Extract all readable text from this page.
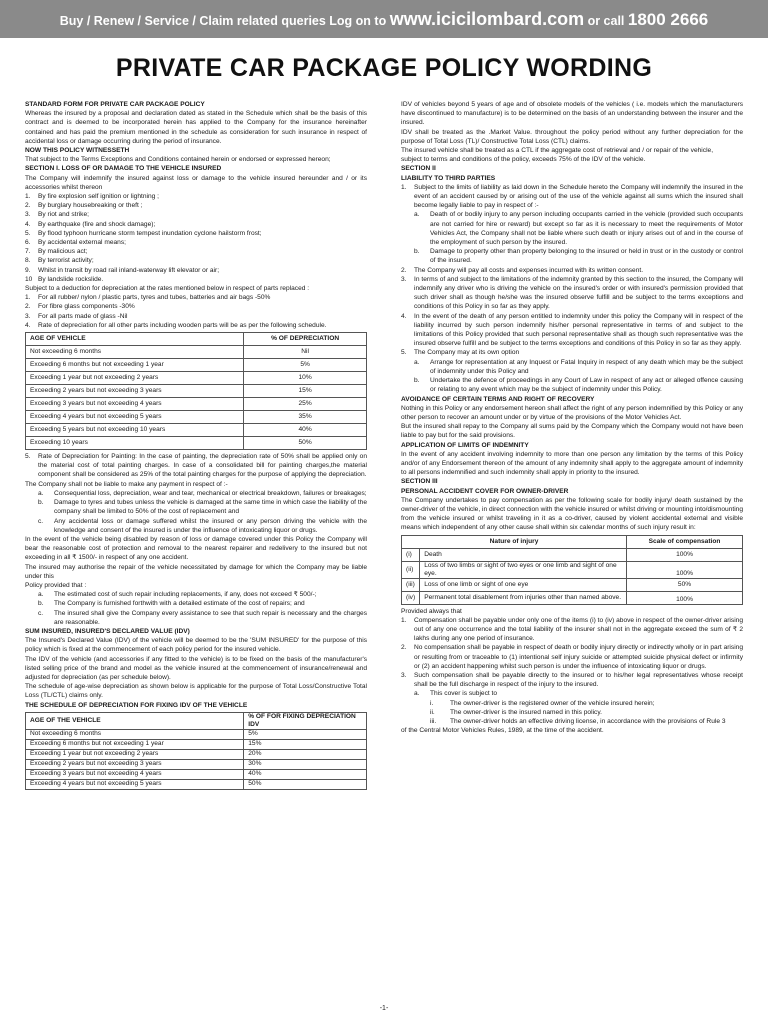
Buy / Renew / Service / Claim related queries Log on to www.icicilombard.com or call 1800 2666
PRIVATE CAR PACKAGE POLICY WORDING

STANDARD FORM FOR PRIVATE CAR PACKAGE POLICY

Whereas the insured by a proposal and declaration dated as stated in the Schedule which shall be the basis of this contract and is deemed to be incorporated herein has applied to the Company for the insurance hereinafter contained and has paid the premium mentioned in the schedule as consideration for such insurance in respect of accidental loss or damage occurring during the period of insurance.

NOW THIS POLICY WITNESSETH

That subject to the Terms Exceptions and Conditions contained herein or endorsed or expressed hereon;

SECTION I. LOSS OF OR DAMAGE TO THE VEHICLE INSURED

The Company will indemnify the insured against loss or damage to the vehicle insured hereunder and / or its accessories whilst thereon

1.	By fire explosion self ignition or lightning ;
2.	By burglary housebreaking or theft ;
3.	By riot and strike;
4.	By earthquake (fire and shock damage);
5.	By flood typhoon hurricane storm tempest inundation cyclone hailstorm frost;
6.	By accidental external means;
7.	By malicious act;
8.	By terrorist activity;
9.	Whilst in transit by road rail inland-waterway lift elevator or air;
10 By landslide rockslide.

Subject to a deduction for depreciation at the rates mentioned below in respect of parts replaced :

1.	For all rubber/ nylon / plastic parts, tyres and tubes, batteries and air bags -50%
2.	For fibre glass components -30%
3.	For all parts made of glass -Nil
4.	Rate of depreciation for all other parts including wooden parts will be as per the following schedule.
AGE OF VEHICLE	% OF DEPRECIATION
Not exceeding 6 months	Nil
Exceeding 6 months but not exceeding 1 year	5%
Exceeding 1 year but not exceeding 2 years	10%
Exceeding 2 years but not exceeding 3 years	15%
Exceeding 3 years but not exceeding 4 years	25%
Exceeding 4 years but not exceeding 5 years	35%
Exceeding 5 years but not exceeding 10 years	40%
Exceeding 10 years	50%
5.	Rate of Depreciation for Painting: In the case of painting, the depreciation rate of 50% shall be applied only on the material cost of total painting charges. In case of a consolidated bill for painting charges,the material component shall be considered as 25% of the total painting charges for the purpose of applying the depreciation.

The Company shall not be liable to make any payment in respect of :-

a.	Consequential loss, depreciation, wear and tear, mechanical or electrical breakdown, failures or breakages;
b.	Damage to tyres and tubes unless the vehicle is damaged at the same time in which case the liability of the company shall be limited to 50% of the cost of replacement and
c.	Any accidental loss or damage suffered whilst the insured or any person driving the vehicle with the knowledge and consent of the insured is under the influence of intoxicating liquor or drugs.

In the event of the vehicle being disabled by reason of loss or damage covered under this Policy the Company will bear the reasonable cost of protection and removal to the nearest repairer and redelivery to the insured but not exceeding in all ₹ 1500/- in respect of any one accident.

The insured may authorise the repair of the vehicle necessitated by damage for which the Company may be liable under this

Policy provided that :

a.	The estimated cost of such repair including replacements, if any, does not exceed ₹ 500/-;
b.	The Company is furnished forthwith with a detailed estimate of the cost of repairs; and
c.	The insured shall give the Company every assistance to see that such repair is necessary and the charges are reasonable.

SUM INSURED, INSURED'S DECLARED VALUE (IDV)

The Insured's Declared Value (IDV) of the vehicle will be deemed to be the 'SUM INSURED' for the purpose of this policy which is fixed at the commencement of each policy period for the insured vehicle.

The IDV of the vehicle (and accessories if any fitted to the vehicle) is to be fixed on the basis of the manufacturer's listed selling price of the brand and model as the vehicle insured at the commencement of insurance/renewal and adjusted for depreciation (as per schedule below).

The schedule of age-wise depreciation as shown below is applicable for the purpose of Total Loss/Constructive Total Loss (TL/CTL) claims only.

THE SCHEDULE OF DEPRECIATION FOR FIXING IDV OF THE VEHICLE

AGE OF THE VEHICLE	% OF FOR FIXING DEPRECIATION IDV
Not exceeding 6 months	5%
Exceeding 6 months but not exceeding 1 year	15%
Exceeding 1 year but not exceeding 2 years	20%
Exceeding 2 years but not exceeding 3 years	30%
Exceeding 3 years but not exceeding 4 years	40%
Exceeding 4 years but not exceeding 5 years	50%

IDV of vehicles beyond 5 years of age and of obsolete models of the vehicles ( i.e. models which the manufacturers have discontinued to manufacture) is to be determined on the basis of an understanding between the insurer and the insured.

IDV shall be treated as the .Market Value. throughout the policy period without any further depreciation for the purpose of Total Loss (TL)/ Constructive Total Loss (CTL) claims.

The insured vehicle shall be treated as a CTL if the aggregate cost of retrieval and / or repair of the vehicle,

subject to terms and conditions of the policy, exceeds 75% of the IDV of the vehicle.

SECTION II

LIABILITY TO THIRD PARTIES

1.	Subject to the limits of liability as laid down in the Schedule hereto the Company will indemnify the insured in the event of an accident caused by or arising out of the use of the vehicle against all sums which the insured shall become legally liable to pay in respect of :-
a.	Death of or bodily injury to any person including occupants carried in the vehicle (provided such occupants are not carried for hire or reward) but except so far as it is necessary to meet the requirements of Motor Vehicles Act, the Company shall not be liable where such death or injury arises out of and in the course of the employment of such person by the insured.
b.	Damage to property other than property belonging to the insured or held in trust or in the custody or control of the insured.
2.	The Company will pay all costs and expenses incurred with its written consent.
3.	In terms of and subject to the limitations of the indemnity granted by this section to the insured, the Company will indemnify any driver who is driving the vehicle on the insured's order or with insured's permission provided that such driver shall as though he/she was the insured observe fulfill and be subject to the terms exceptions and conditions of this Policy in so far as they apply.
4.	In the event of the death of any person entitled to indemnity under this policy the Company will in respect of the liability incurred by such person indemnify his/her personal representative in terms of and subject to the limitations of this Policy provided that such personal representative shall as though such representative was the insured observe fulfill and be subject to the terms exceptions and conditions of this Policy in so far as they apply.
5.	The Company may at its own option
a.	Arrange for representation at any Inquest or Fatal Inquiry in respect of any death which may be the subject of indemnity under this Policy and
b.	Undertake the defence of proceedings in any Court of Law in respect of any act or alleged offence causing or relating to any event which may be the subject of indemnity under this Policy.

AVOIDANCE OF CERTAIN TERMS AND RIGHT OF RECOVERY

Nothing in this Policy or any endorsement hereon shall affect the right of any person indemnified by this Policy or any other person to recover an amount under or by virtue of the provisions of the Motor Vehicles Act.

But the insured shall repay to the Company all sums paid by the Company which the Company would not have been liable to pay but for the said provisions.

APPLICATION OF LIMITS OF INDEMNITY

In the event of any accident involving indemnity to more than one person any limitation by the terms of this Policy and/or of any Endorsement thereon of the amount of any indemnity shall apply to the aggregate amount of indemnity to all persons indemnified and such indemnity shall apply in priority to the insured.

SECTION III

PERSONAL ACCIDENT COVER FOR OWNER-DRIVER

The Company undertakes to pay compensation as per the following scale for bodily injury/ death sustained by the owner-driver of the vehicle, in direct connection with the vehicle insured or whilst driving or mounting into/dismounting from the vehicle insured or whilst traveling in it as a co-driver, caused by violent accidental external and visible means which independent of any other cause shall within six calendar months of such injury result in:

Nature of injury		Scale of compensation
(i)	Death	100%
(ii)	Loss of two limbs or sight of two eyes or one limb and sight of one eye.	100%
(iii)	Loss of one limb or sight of one eye	50%
(iv)	Permanent total disablement from injuries other than named above.	100%

Provided always that

1.	Compensation shall be payable under only one of the items (i) to (iv) above in respect of the owner-driver arising out of any one occurrence and the total liability of the insurer shall not in the aggregate exceed the sum of ₹ 2 lakhs during any one period of insurance.
2.	No compensation shall be payable in respect of death or bodily injury directly or indirectly wholly or in part arising or resulting from or traceable to (1) intentional self injury suicide or attempted suicide physical defect or infirmity or (2) an accident happening whilst such person is under the influence of intoxicating liquor or drugs.
3.	Such compensation shall be payable directly to the insured or to his/her legal representatives whose receipt shall be the full discharge in respect of the injury to the insured.
a.	This cover is subject to
i.	The owner-driver is the registered owner of the vehicle insured herein;
ii.	The owner-driver is the insured named in this policy.
iii.	The owner-driver holds an effective driving license, in accordance with the provisions of Rule 3

of the Central Motor Vehicles Rules, 1989, at the time of the accident.

-1-
